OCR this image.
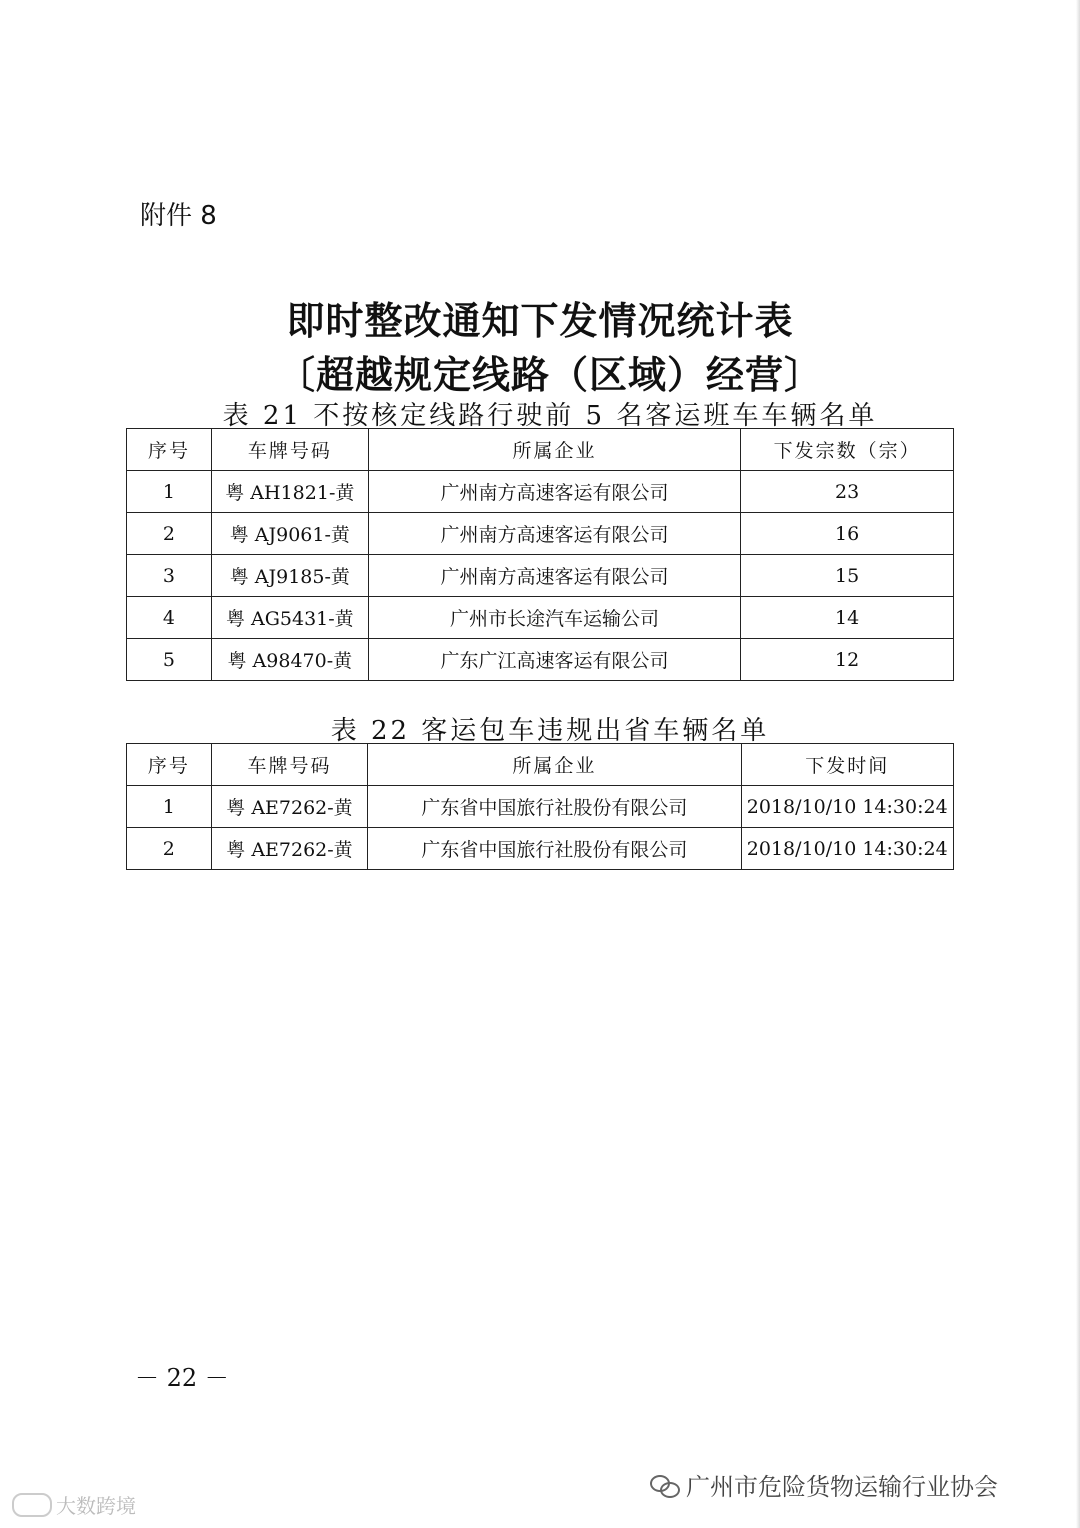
附件 8
即时整改通知下发情况统计表
〔超越规定线路（区域）经营〕
表 21 不按核定线路行驶前 5 名客运班车车辆名单
序号	车牌号码	所属企业	下发宗数（宗）
1	粤 AH1821-黄	广州南方高速客运有限公司	23
2	粤 AJ9061-黄	广州南方高速客运有限公司	16
3	粤 AJ9185-黄	广州南方高速客运有限公司	15
4	粤 AG5431-黄	广州市长途汽车运输公司	14
5	粤 A98470-黄	广东广江高速客运有限公司	12
表 22 客运包车违规出省车辆名单
序号	车牌号码	所属企业	下发时间
1	粤 AE7262-黄	广东省中国旅行社股份有限公司	2018/10/10 14:30:24
2	粤 AE7262-黄	广东省中国旅行社股份有限公司	2018/10/10 14:30:24
－ 22 －
广州市危险货物运输行业协会
大数跨境
